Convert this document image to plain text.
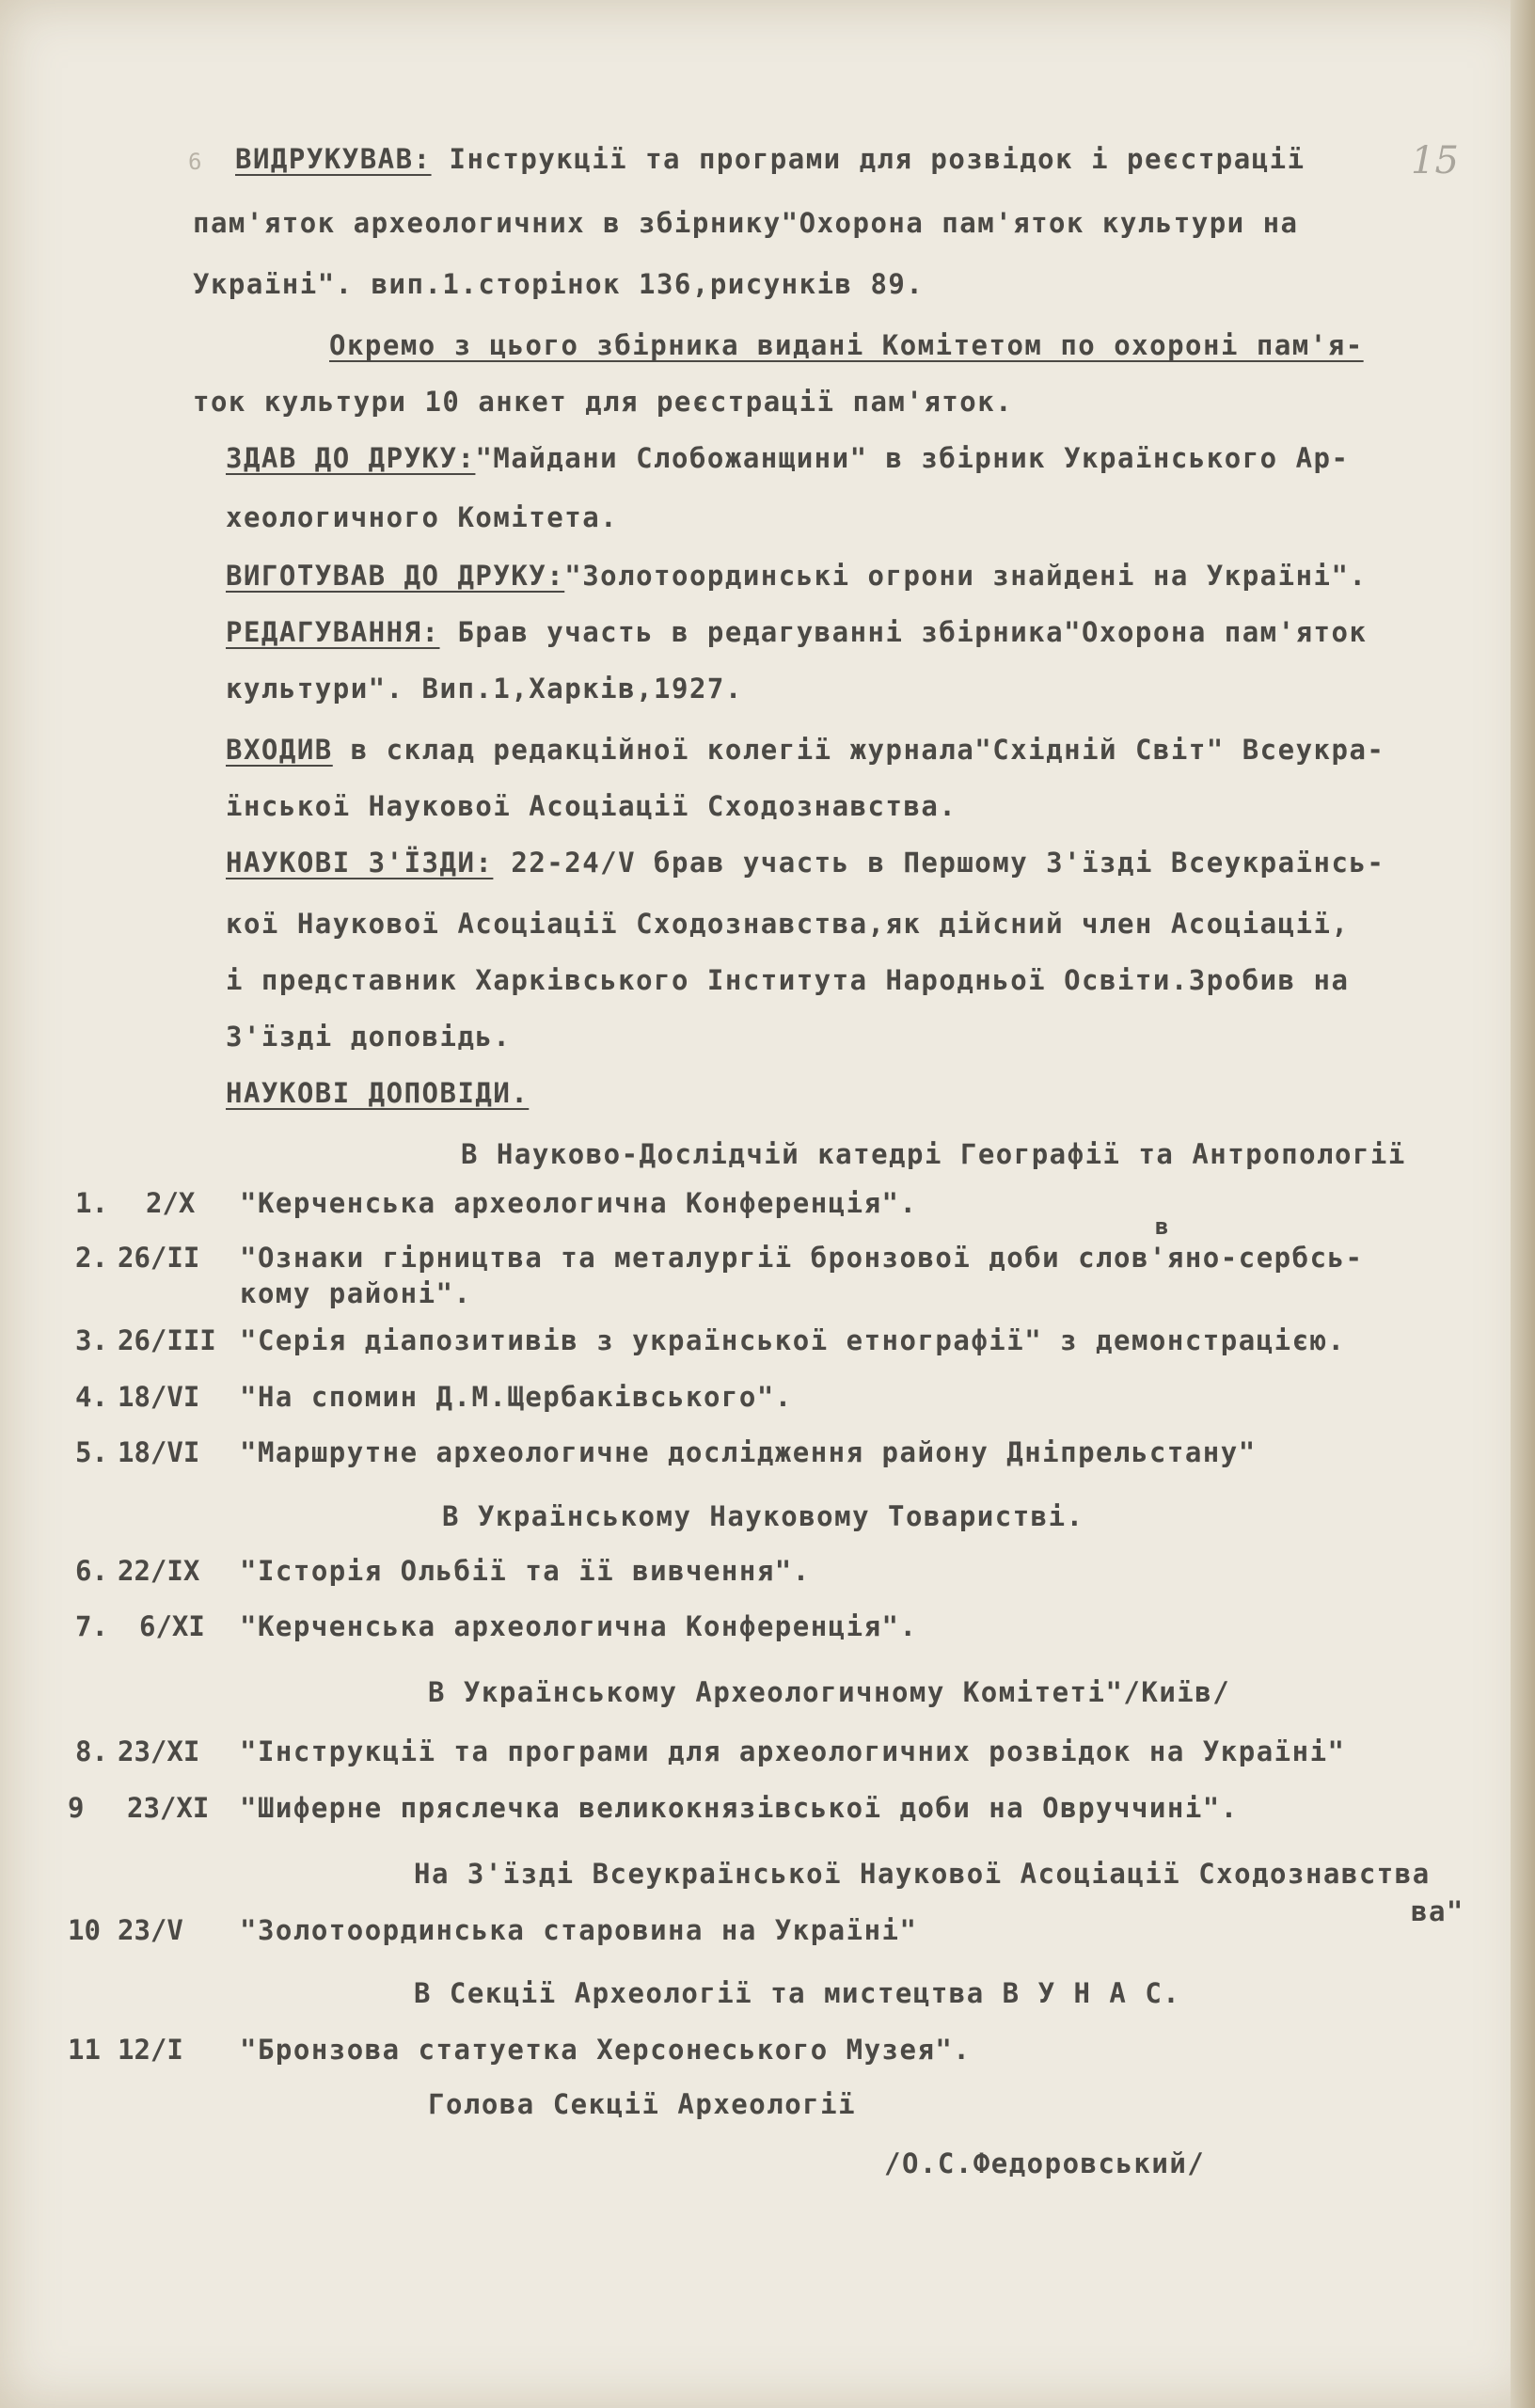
6	15
ВИДРУКУВАВ: Інструкції та програми для розвідок і реєстрації
пам'яток археологичних в збірнику"Охорона пам'яток культури на
Україні". вип.1.сторінок 136,рисунків 89.
Окремо з цього збірника видані Комітетом по охороні пам'я-
ток культури 10 анкет для реєстрації пам'яток.
ЗДАВ ДО ДРУКУ:"Майдани Слобожанщини" в збірник Українського Ар-
хеологичного Комітета.
ВИГОТУВАВ ДО ДРУКУ:"Золотоординські огрони знайдені на Україні".
РЕДАГУВАННЯ: Брав участь в редагуванні збірника"Охорона пам'яток
культури". Вип.1,Харків,1927.
ВХОДИВ в склад редакційної колегії журнала"Східній Світ" Всеукра-
їнської Наукової Асоціації Сходознавства.
НАУКОВІ З'ЇЗДИ: 22-24/V брав участь в Першому З'їзді Всеукраїнсь-
кої Наукової Асоціації Сходознавства,як дійсний член Асоціації,
і представник Харківського Інститута Народньої Освіти.Зробив на
З'їзді доповідь.
НАУКОВІ ДОПОВІДИ.
В Науково-Дослідчій катедрі Географії та Антропології
1. 2/X "Керченська археологична Конференція".
2. 26/II
в
"Ознаки гірництва та металургії бронзової доби слов'яно-сербсь-
кому районі".
3. 26/III "Серія діапозитивів з української етнографії" з демонстрацією.
4. 18/VI "На спомин Д.М.Щербаківського".
5. 18/VI "Маршрутне археологичне дослідження району Дніпрельстану"
В Українському Науковому Товаристві.
6. 22/IX "Історія Ольбії та її вивчення".
7. 6/XI "Керченська археологична Конференція".
В Українському Археологичному Комітеті"/Київ/
8. 23/XI "Інструкції та програми для археологичних розвідок на Україні"
9 23/XI "Шиферне пряслечка великокнязівської доби на Овруччині".
На З'їзді Всеукраїнської Наукової Асоціації Сходознавства
ва"
10 23/V "Золотоординська старовина на Україні"
В Секції Археології та мистецтва В У Н А С.
11 12/I "Бронзова статуетка Херсонеського Музея".
Голова Секції Археології
/О.С.Федоровський/
